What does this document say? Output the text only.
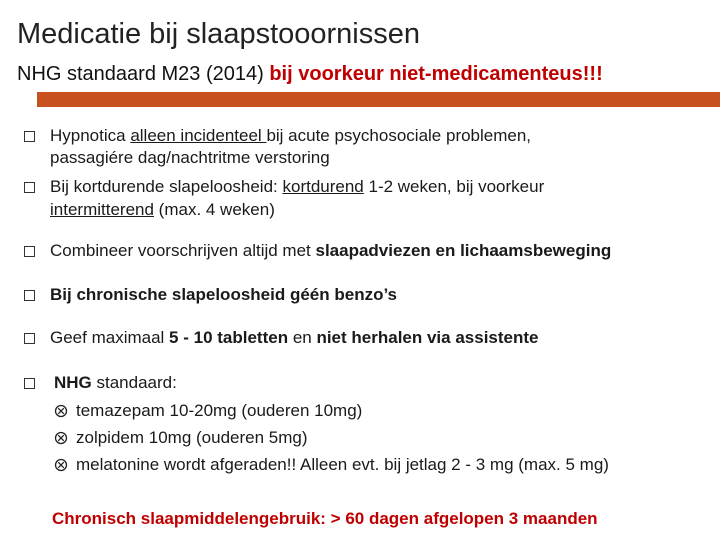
Medicatie bij slaapstooornissen
NHG standaard M23 (2014) bij voorkeur niet-medicamenteus!!!
Hypnotica alleen incidenteel bij acute psychosociale problemen,
passagiére dag/nachtritme verstoring
Bij kortdurende slapeloosheid: kortdurend 1-2 weken, bij voorkeur
intermitterend (max. 4 weken)
Combineer voorschrijven altijd met slaapadviezen en lichaamsbeweging
Bij chronische slapeloosheid géén benzo’s
Geef maximaal 5 - 10 tabletten en niet herhalen via assistente
NHG standaard:
temazepam 10-20mg (ouderen 10mg)
zolpidem 10mg (ouderen 5mg)
melatonine wordt afgeraden!! Alleen evt. bij jetlag 2 - 3 mg (max. 5 mg)
Chronisch slaapmiddelengebruik: > 60 dagen afgelopen 3 maanden
